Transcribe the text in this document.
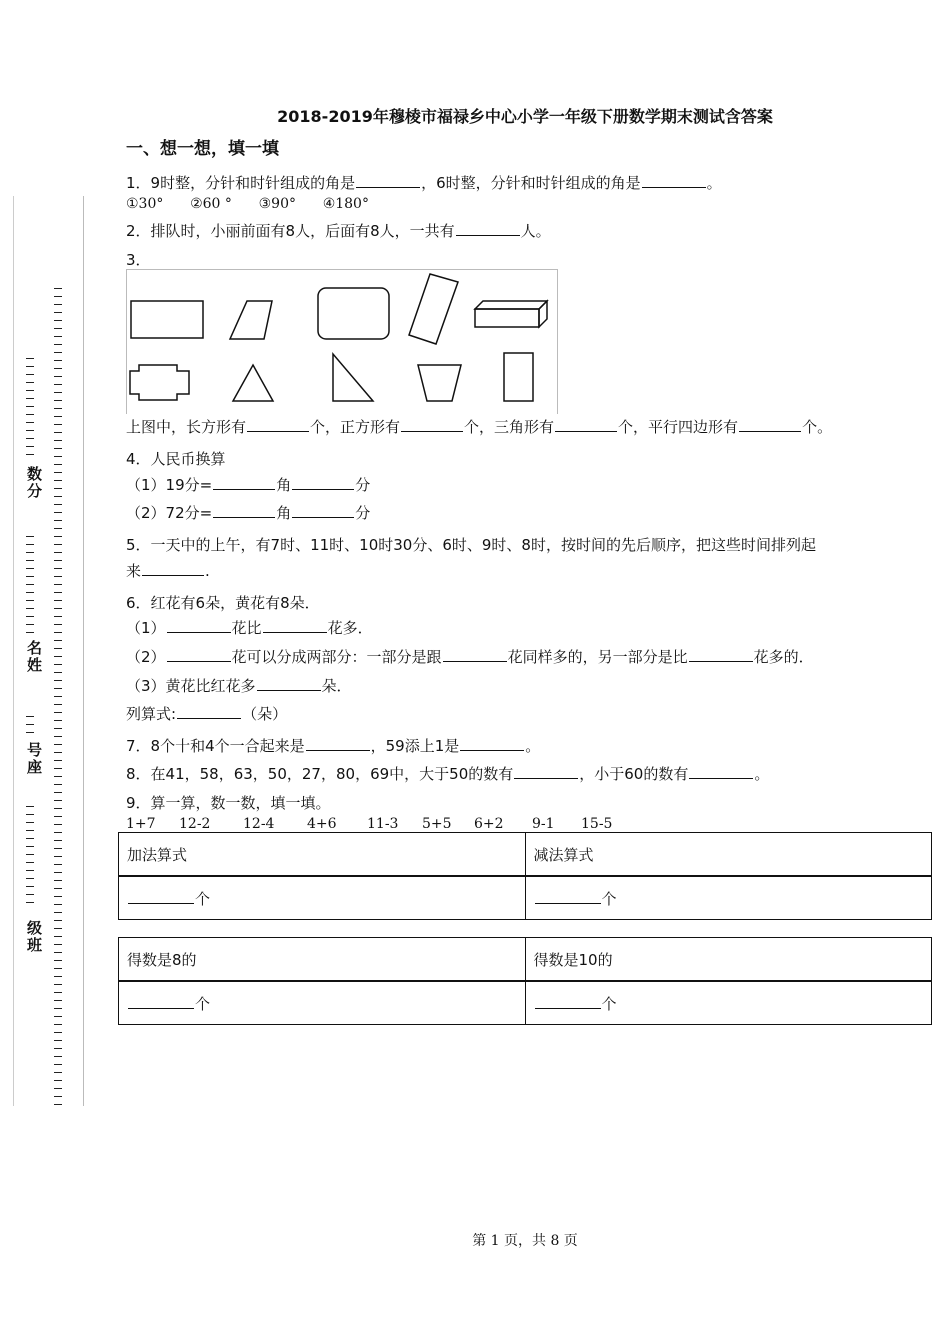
数分
名姓
号座
级班
2018-2019年穆棱市福禄乡中心小学一年级下册数学期末测试含答案
一、想一想，填一填
1．9时整，分针和时针组成的角是	，6时整，分针和时针组成的角是	。
①30° ②60 ° ③90° ④180°
2．排队时，小丽前面有8人，后面有8人，一共有	人。
3．
上图中，长方形有	个，正方形有	个，三角形有	个，平行四边形有	个。
4．人民币换算
（1）19分=	角	分
（2）72分=	角	分
5．一天中的上午，有7时、11时、10时30分、6时、9时、8时，按时间的先后顺序，把这些时间排列起
来	.
6．红花有6朵，黄花有8朵．
（1）	花比	花多．
（2）	花可以分成两部分：一部分是跟	花同样多的，另一部分是比	花多的．
（3）黄花比红花多	朵．
列算式:	（朵）
7．8个十和4个一合起来是	，59添上1是	。
8．在41，58，63，50，27，80，69中，大于50的数有	，小于60的数有	。
9．算一算，数一数，填一填。
1+7 12-2 12-4 4+6 11-3 5+5 6+2 9-1 15-5
加法算式	减法算式
个	个
得数是8的	得数是10的
个	个
第 1 页，共 8 页
